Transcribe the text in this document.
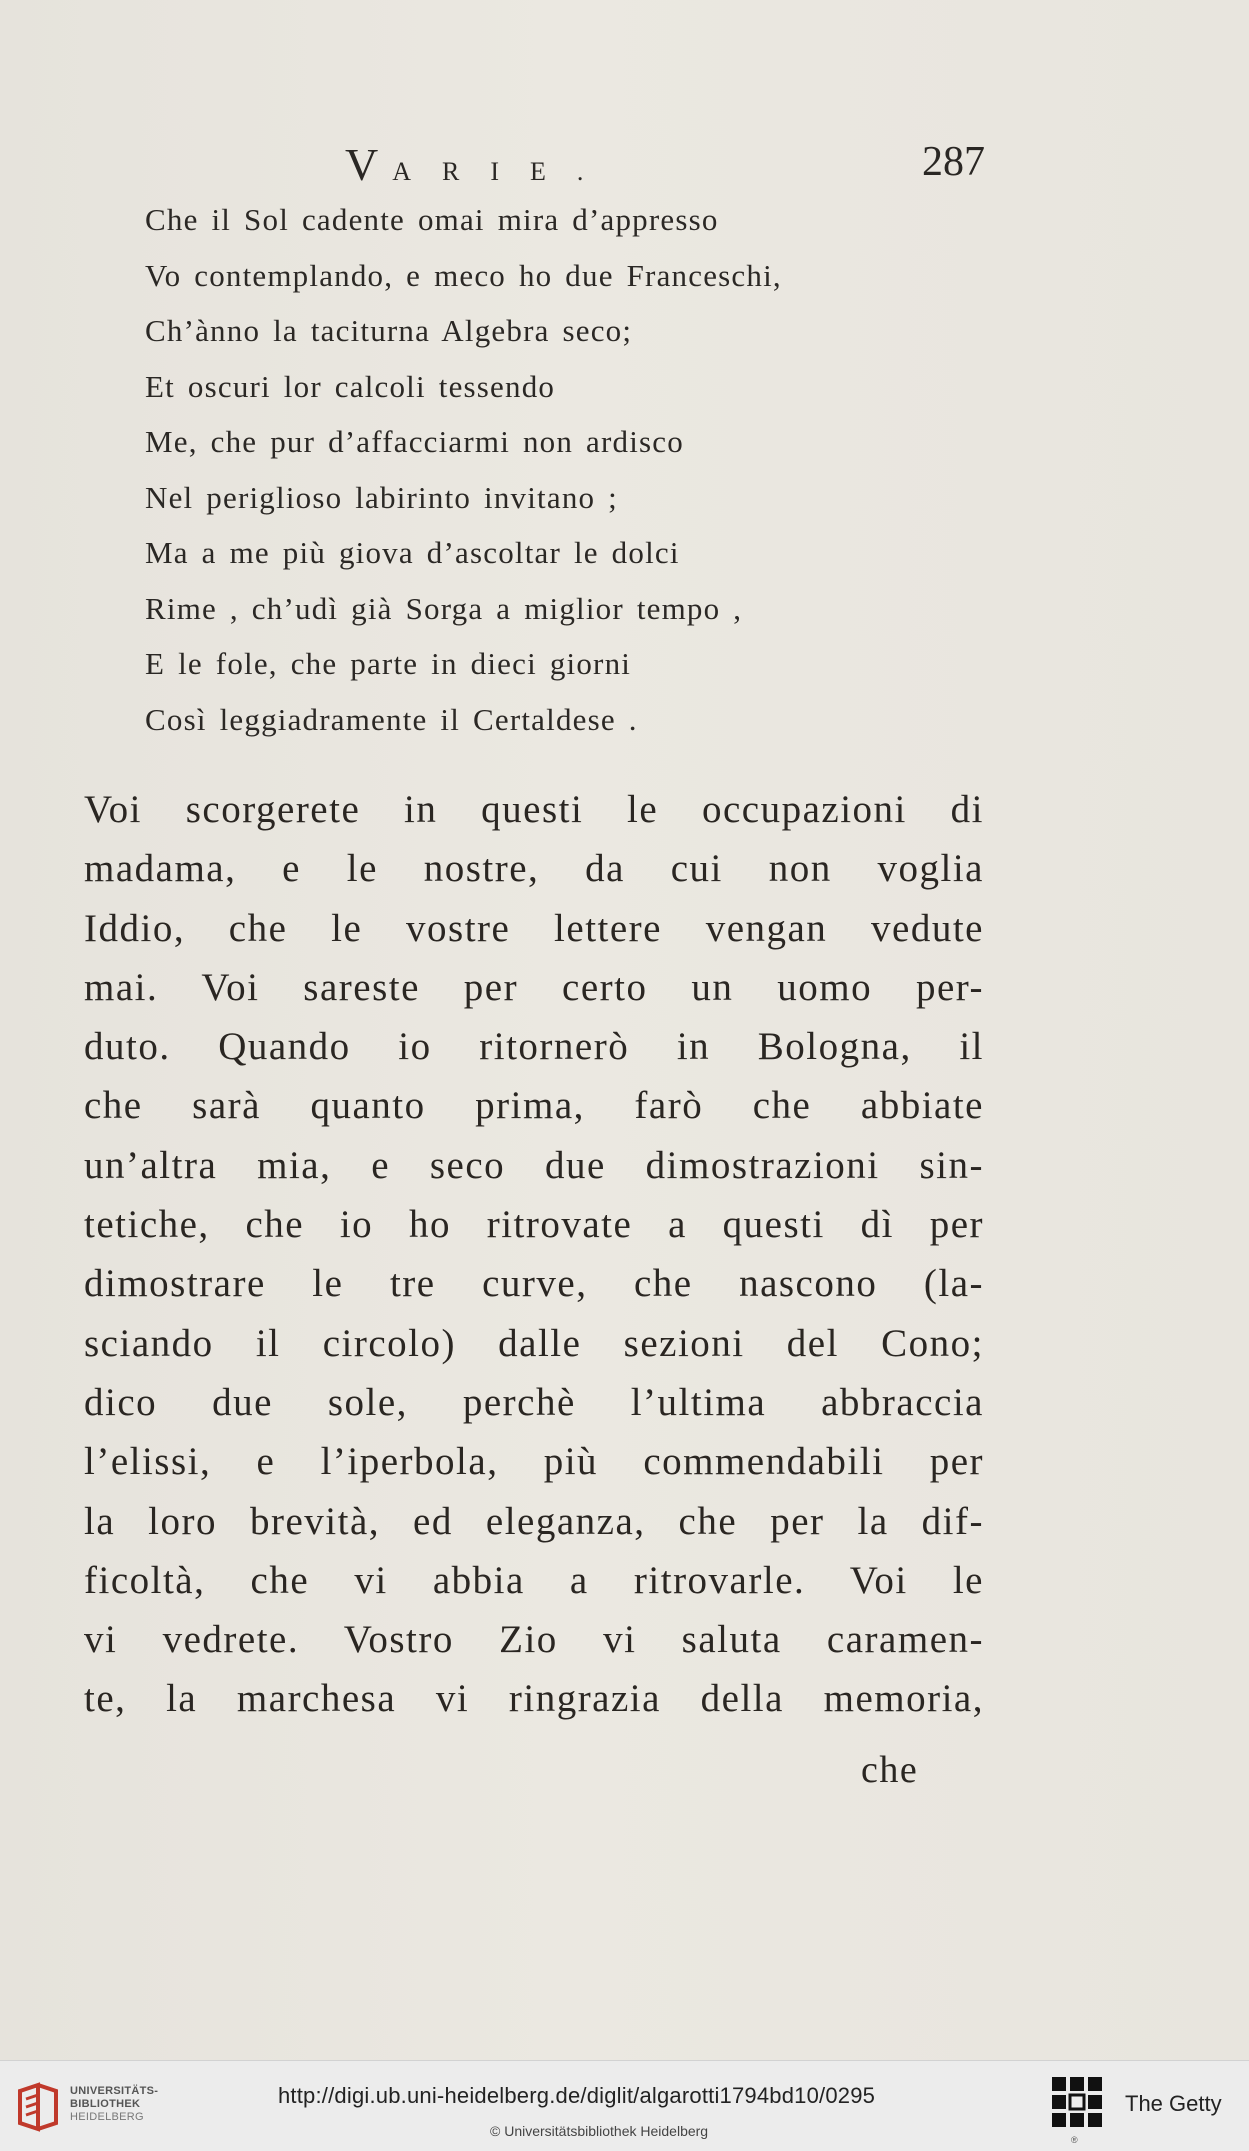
VARIE.	287
Che il Sol cadente omai mira d’appresso
Vo contemplando, e meco ho due Franceschi,
Ch’ànno la taciturna Algebra seco;
Et oscuri lor calcoli tessendo
Me, che pur d’affacciarmi non ardisco
Nel periglioso labirinto invitano ;
Ma a me più giova d’ascoltar le dolci
Rime , ch’udì già Sorga a miglior tempo ,
E le fole, che parte in dieci giorni
Così leggiadramente il Certaldese .
Voi scorgerete in questi le occupazioni di
madama, e le nostre, da cui non voglia
Iddio, che le vostre lettere vengan vedute
mai. Voi sareste per certo un uomo per-
duto. Quando io ritornerò in Bologna, il
che sarà quanto prima, farò che abbiate
un’altra mia, e seco due dimostrazioni sin-
tetiche, che io ho ritrovate a questi dì per
dimostrare le tre curve, che nascono (la-
sciando il circolo) dalle sezioni del Cono;
dico due sole, perchè l’ultima abbraccia
l’elissi, e l’iperbola, più commendabili per
la loro brevità, ed eleganza, che per la dif-
ficoltà, che vi abbia a ritrovarle. Voi le
vi vedrete. Vostro Zio vi saluta caramen-
te, la marchesa vi ringrazia della memoria,
che
UNIVERSITÄTS-
BIBLIOTHEK
HEIDELBERG
http://digi.ub.uni-heidelberg.de/diglit/algarotti1794bd10/0295
© Universitätsbibliothek Heidelberg
®
The Getty
